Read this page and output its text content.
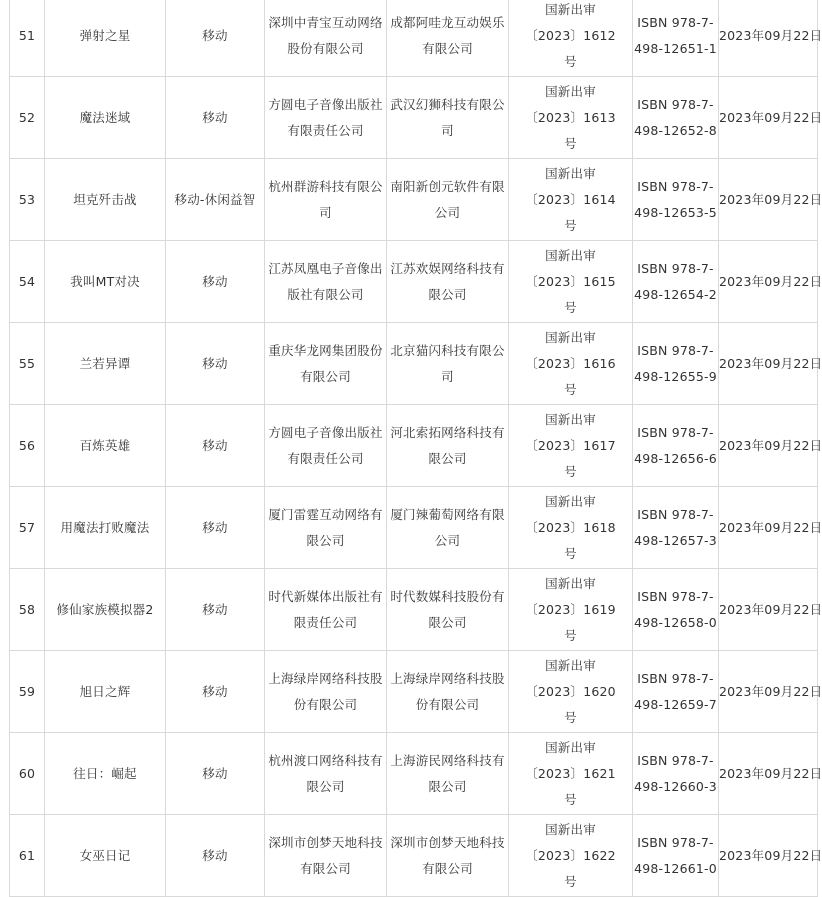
51	弹射之星	移动	深圳中青宝互动网络股份有限公司	成都阿哇龙互动娱乐有限公司	国新出审
〔2023〕1612
号	ISBN 978-7-
498-12651-1	2023年09月22日
52	魔法迷域	移动	方圆电子音像出版社有限责任公司	武汉幻狮科技有限公司	国新出审
〔2023〕1613
号	ISBN 978-7-
498-12652-8	2023年09月22日
53	坦克歼击战	移动-休闲益智	杭州群游科技有限公司	南阳新创元软件有限公司	国新出审
〔2023〕1614
号	ISBN 978-7-
498-12653-5	2023年09月22日
54	我叫MT对决	移动	江苏凤凰电子音像出版社有限公司	江苏欢娱网络科技有限公司	国新出审
〔2023〕1615
号	ISBN 978-7-
498-12654-2	2023年09月22日
55	兰若异谭	移动	重庆华龙网集团股份有限公司	北京猫闪科技有限公司	国新出审
〔2023〕1616
号	ISBN 978-7-
498-12655-9	2023年09月22日
56	百炼英雄	移动	方圆电子音像出版社有限责任公司	河北索拓网络科技有限公司	国新出审
〔2023〕1617
号	ISBN 978-7-
498-12656-6	2023年09月22日
57	用魔法打败魔法	移动	厦门雷霆互动网络有限公司	厦门辣葡萄网络有限公司	国新出审
〔2023〕1618
号	ISBN 978-7-
498-12657-3	2023年09月22日
58	修仙家族模拟器2	移动	时代新媒体出版社有限责任公司	时代数媒科技股份有限公司	国新出审
〔2023〕1619
号	ISBN 978-7-
498-12658-0	2023年09月22日
59	旭日之辉	移动	上海绿岸网络科技股份有限公司	上海绿岸网络科技股份有限公司	国新出审
〔2023〕1620
号	ISBN 978-7-
498-12659-7	2023年09月22日
60	往日：崛起	移动	杭州渡口网络科技有限公司	上海游民网络科技有限公司	国新出审
〔2023〕1621
号	ISBN 978-7-
498-12660-3	2023年09月22日
61	女巫日记	移动	深圳市创梦天地科技有限公司	深圳市创梦天地科技有限公司	国新出审
〔2023〕1622
号	ISBN 978-7-
498-12661-0	2023年09月22日
